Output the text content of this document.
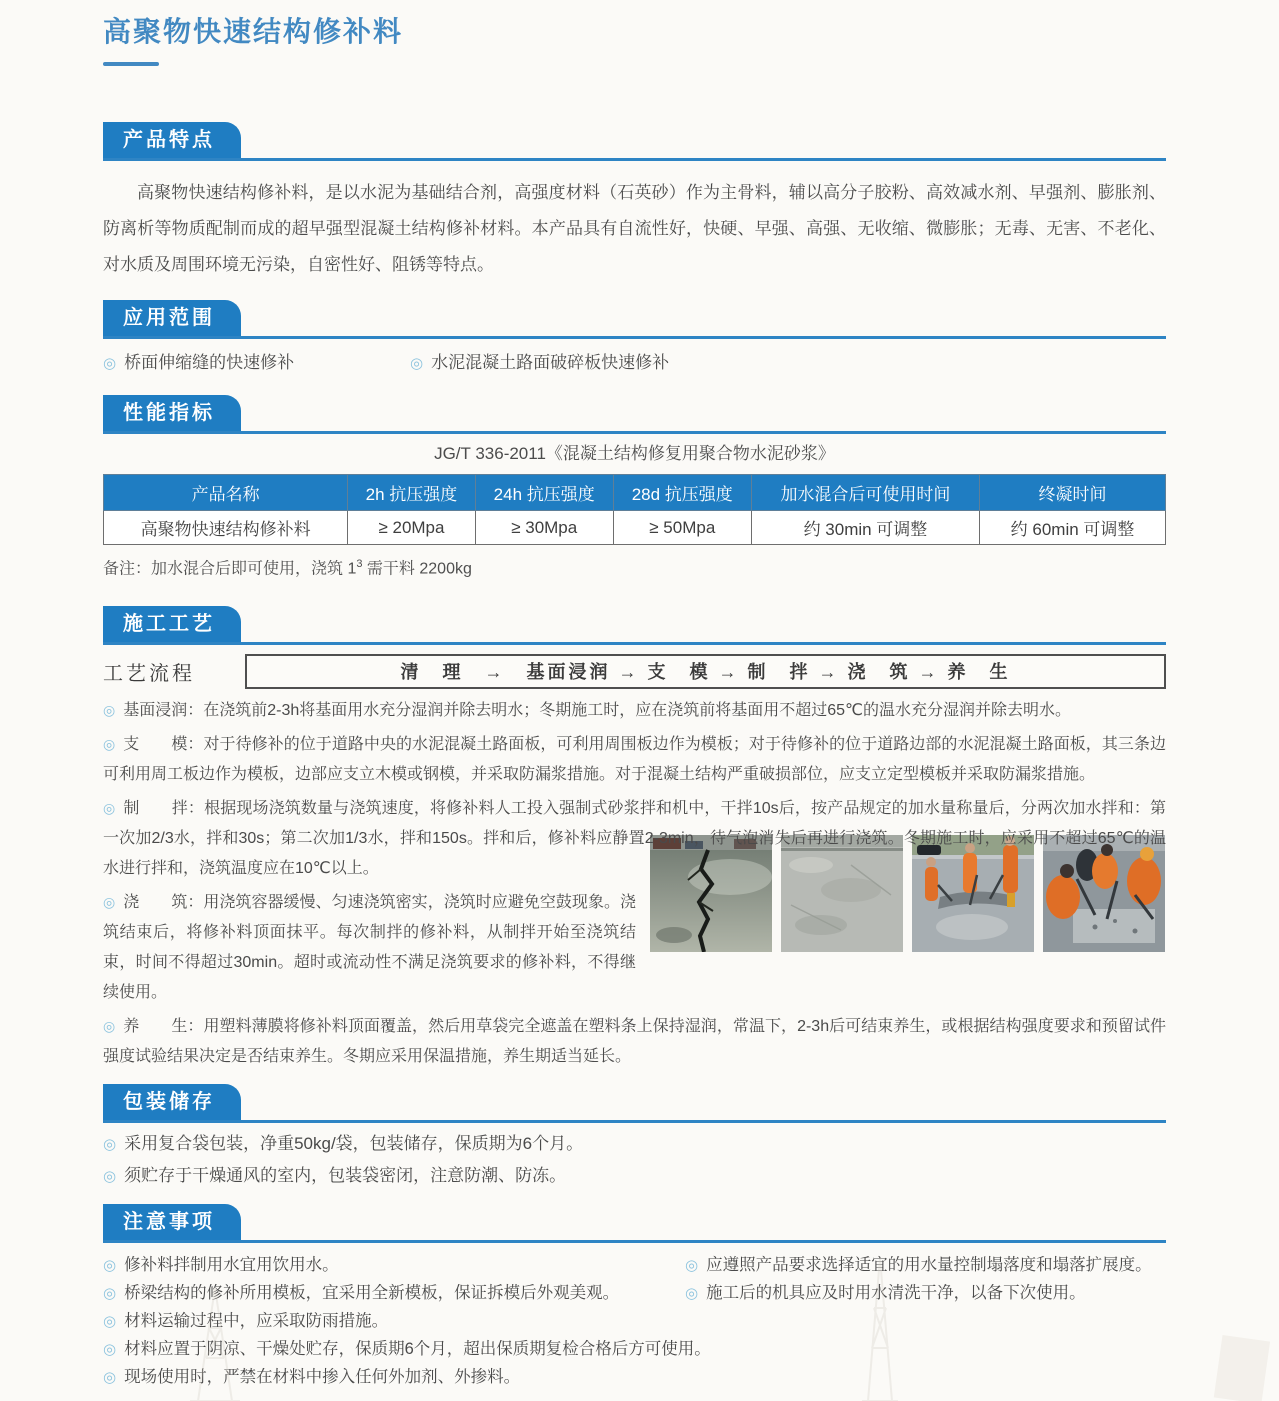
高聚物快速结构修补料
产品特点

高聚物快速结构修补料，是以水泥为基础结合剂，高强度材料（石英砂）作为主骨料，辅以高分子胶粉、高效减水剂、早强剂、膨胀剂、防离析等物质配制而成的超早强型混凝土结构修补材料。本产品具有自流性好，快硬、早强、高强、无收缩、微膨胀；无毒、无害、不老化、对水质及周围环境无污染，自密性好、阻锈等特点。

应用范围
◎ 桥面伸缩缝的快速修补	◎ 水泥混凝土路面破碎板快速修补
性能指标
JG/T 336-2011《混凝土结构修复用聚合物水泥砂浆》
产品名称	2h 抗压强度	24h 抗压强度	28d 抗压强度	加水混合后可使用时间	终凝时间
高聚物快速结构修补料	≥ 20Mpa	≥ 30Mpa	≥ 50Mpa	约 30min 可调整	约 60min 可调整

备注：加水混合后即可使用，浇筑 $1^3$ 需干料 2200kg

施工工艺
工艺流程	清　理　→　基面浸润 → 支　模 → 制　拌 → 浇　筑 → 养　生

◎ 基面浸润：在浇筑前2-3h将基面用水充分湿润并除去明水；冬期施工时，应在浇筑前将基面用不超过65℃的温水充分湿润并除去明水。

◎ 支　　模：对于待修补的位于道路中央的水泥混凝土路面板，可利用周围板边作为模板；对于待修补的位于道路边部的水泥混凝土路面板，其三条边可利用周工板边作为模板，边部应支立木模或钢模，并采取防漏浆措施。对于混凝土结构严重破损部位，应支立定型模板并采取防漏浆措施。

◎ 制　　拌：根据现场浇筑数量与浇筑速度，将修补料人工投入强制式砂浆拌和机中，干拌10s后，按产品规定的加水量称量后，分两次加水拌和：第一次加2/3水，拌和30s；第二次加1/3水，拌和150s。拌和后，修补料应静置2-3min，待气泡消失后再进行浇筑。冬期施工时，应采用不超过65℃的温水进行拌和，浇筑温度应在10℃以上。

◎ 浇　　筑：用浇筑容器缓慢、匀速浇筑密实，浇筑时应避免空鼓现象。浇筑结束后，将修补料顶面抹平。每次制拌的修补料，从制拌开始至浇筑结束，时间不得超过30min。超时或流动性不满足浇筑要求的修补料，不得继续使用。

◎ 养　　生：用塑料薄膜将修补料顶面覆盖，然后用草袋完全遮盖在塑料条上保持湿润，常温下，2-3h后可结束养生，或根据结构强度要求和预留试件强度试验结果决定是否结束养生。冬期应采用保温措施，养生期适当延长。

包装储存

◎ 采用复合袋包装，净重50kg/袋，包装储存，保质期为6个月。

◎ 须贮存于干燥通风的室内，包装袋密闭，注意防潮、防冻。

注意事项
◎ 修补料拌制用水宜用饮用水。	◎ 应遵照产品要求选择适宜的用水量控制塌落度和塌落扩展度。
◎ 桥梁结构的修补所用模板，宜采用全新模板，保证拆模后外观美观。	◎ 施工后的机具应及时用水清洗干净，以备下次使用。
◎ 材料运输过程中，应采取防雨措施。
◎ 材料应置于阴凉、干燥处贮存，保质期6个月，超出保质期复检合格后方可使用。
◎ 现场使用时，严禁在材料中掺入任何外加剂、外掺料。
